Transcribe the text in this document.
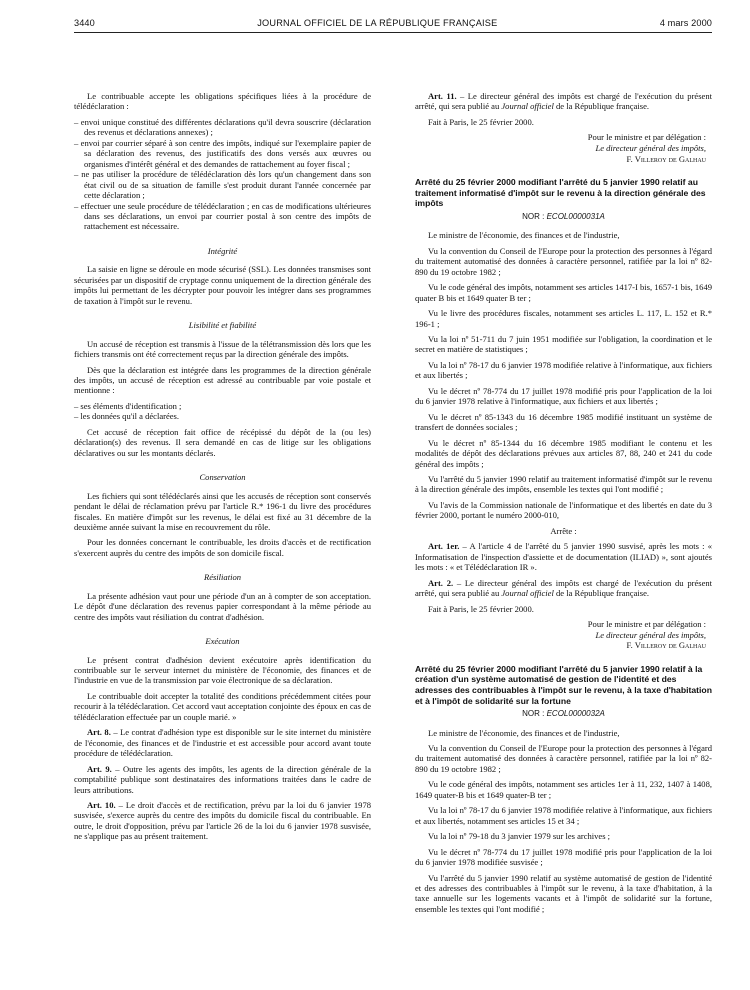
3440	JOURNAL OFFICIEL DE LA RÉPUBLIQUE FRANÇAISE	4 mars 2000

Le contribuable accepte les obligations spécifiques liées à la procédure de télédéclaration :

– envoi unique constitué des différentes déclarations qu'il devra souscrire (déclaration des revenus et déclarations annexes) ;
– envoi par courrier séparé à son centre des impôts, indiqué sur l'exemplaire papier de sa déclaration des revenus, des justificatifs des dons versés aux œuvres ou organismes d'intérêt général et des demandes de rattachement au foyer fiscal ;
– ne pas utiliser la procédure de télédéclaration dès lors qu'un changement dans son état civil ou de sa situation de famille s'est produit durant l'année concernée par cette déclaration ;
– effectuer une seule procédure de télédéclaration ; en cas de modifications ultérieures dans ses déclarations, un envoi par courrier postal à son centre des impôts de rattachement est nécessaire.
Intégrité

La saisie en ligne se déroule en mode sécurisé (SSL). Les données transmises sont sécurisées par un dispositif de cryptage connu uniquement de la direction générale des impôts lui permettant de les décrypter pour pouvoir les intégrer dans ses programmes de taxation à l'impôt sur le revenu.

Lisibilité et fiabilité

Un accusé de réception est transmis à l'issue de la télétransmission dès lors que les fichiers transmis ont été correctement reçus par la direction générale des impôts.

Dès que la déclaration est intégrée dans les programmes de la direction générale des impôts, un accusé de réception est adressé au contribuable par voie postale et mentionne :

– ses éléments d'identification ;
– les données qu'il a déclarées.

Cet accusé de réception fait office de récépissé du dépôt de la (ou les) déclaration(s) des revenus. Il sera demandé en cas de litige sur les obligations déclaratives ou sur les montants déclarés.

Conservation

Les fichiers qui sont télédéclarés ainsi que les accusés de réception sont conservés pendant le délai de réclamation prévu par l'article R.* 196-1 du livre des procédures fiscales. En matière d'impôt sur les revenus, le délai est fixé au 31 décembre de la deuxième année suivant la mise en recouvrement du rôle.

Pour les données concernant le contribuable, les droits d'accès et de rectification s'exercent auprès du centre des impôts de son domicile fiscal.

Résiliation

La présente adhésion vaut pour une période d'un an à compter de son acceptation. Le dépôt d'une déclaration des revenus papier correspondant à la même période au centre des impôts vaut résiliation du contrat d'adhésion.

Exécution

Le présent contrat d'adhésion devient exécutoire après identification du contribuable sur le serveur internet du ministère de l'économie, des finances et de l'industrie en vue de la transmission par voie électronique de sa déclaration.

Le contribuable doit accepter la totalité des conditions précédemment citées pour recourir à la télédéclaration. Cet accord vaut acceptation conjointe des époux en cas de télédéclaration effectuée par un couple marié. »

Art. 8. – Le contrat d'adhésion type est disponible sur le site internet du ministère de l'économie, des finances et de l'industrie et est accessible pour accord avant toute procédure de télédéclaration.

Art. 9. – Outre les agents des impôts, les agents de la direction générale de la comptabilité publique sont destinataires des informations traitées dans le cadre de leurs attributions.

Art. 10. – Le droit d'accès et de rectification, prévu par la loi du 6 janvier 1978 susvisée, s'exerce auprès du centre des impôts du domicile fiscal du contribuable. En outre, le droit d'opposition, prévu par l'article 26 de la loi du 6 janvier 1978 susvisée, ne s'applique pas au présent traitement.

Art. 11. – Le directeur général des impôts est chargé de l'exécution du présent arrêté, qui sera publié au Journal officiel de la République française.

Fait à Paris, le 25 février 2000.

Pour le ministre et par délégation :
Le directeur général des impôts,
F. Villeroy de Galhau
Arrêté du 25 février 2000 modifiant l'arrêté du 5 janvier 1990 relatif au traitement informatisé d'impôt sur le revenu à la direction générale des impôts
NOR : ECOL0000031A

Le ministre de l'économie, des finances et de l'industrie,

Vu la convention du Conseil de l'Europe pour la protection des personnes à l'égard du traitement automatisé des données à caractère personnel, ratifiée par la loi nº 82-890 du 19 octobre 1982 ;

Vu le code général des impôts, notamment ses articles 1417-I bis, 1657-1 bis, 1649 quater B bis et 1649 quater B ter ;

Vu le livre des procédures fiscales, notamment ses articles L. 117, L. 152 et R.* 196-1 ;

Vu la loi nº 51-711 du 7 juin 1951 modifiée sur l'obligation, la coordination et le secret en matière de statistiques ;

Vu la loi nº 78-17 du 6 janvier 1978 modifiée relative à l'informatique, aux fichiers et aux libertés ;

Vu le décret nº 78-774 du 17 juillet 1978 modifié pris pour l'application de la loi du 6 janvier 1978 relative à l'informatique, aux fichiers et aux libertés ;

Vu le décret nº 85-1343 du 16 décembre 1985 modifié instituant un système de transfert de données sociales ;

Vu le décret nº 85-1344 du 16 décembre 1985 modifiant le contenu et les modalités de dépôt des déclarations prévues aux articles 87, 88, 240 et 241 du code général des impôts ;

Vu l'arrêté du 5 janvier 1990 relatif au traitement informatisé d'impôt sur le revenu à la direction générale des impôts, ensemble les textes qui l'ont modifié ;

Vu l'avis de la Commission nationale de l'informatique et des libertés en date du 3 février 2000, portant le numéro 2000-010,

Arrête :

Art. 1er. – A l'article 4 de l'arrêté du 5 janvier 1990 susvisé, après les mots : « Informatisation de l'inspection d'assiette et de documentation (ILIAD) », sont ajoutés les mots : « et Télédéclaration IR ».

Art. 2. – Le directeur général des impôts est chargé de l'exécution du présent arrêté, qui sera publié au Journal officiel de la République française.

Fait à Paris, le 25 février 2000.

Pour le ministre et par délégation :
Le directeur général des impôts,
F. Villeroy de Galhau
Arrêté du 25 février 2000 modifiant l'arrêté du 5 janvier 1990 relatif à la création d'un système automatisé de gestion de l'identité et des adresses des contribuables à l'impôt sur le revenu, à la taxe d'habitation et à l'impôt de solidarité sur la fortune
NOR : ECOL0000032A

Le ministre de l'économie, des finances et de l'industrie,

Vu la convention du Conseil de l'Europe pour la protection des personnes à l'égard du traitement automatisé des données à caractère personnel, ratifiée par la loi nº 82-890 du 19 octobre 1982 ;

Vu le code général des impôts, notamment ses articles 1er à 11, 232, 1407 à 1408, 1649 quater-B bis et 1649 quater-B ter ;

Vu la loi nº 78-17 du 6 janvier 1978 modifiée relative à l'informatique, aux fichiers et aux libertés, notamment ses articles 15 et 34 ;

Vu la loi nº 79-18 du 3 janvier 1979 sur les archives ;

Vu le décret nº 78-774 du 17 juillet 1978 modifié pris pour l'application de la loi du 6 janvier 1978 modifiée susvisée ;

Vu l'arrêté du 5 janvier 1990 relatif au système automatisé de gestion de l'identité et des adresses des contribuables à l'impôt sur le revenu, à la taxe d'habitation, à la taxe annuelle sur les logements vacants et à l'impôt de solidarité sur la fortune, ensemble les textes qui l'ont modifié ;
